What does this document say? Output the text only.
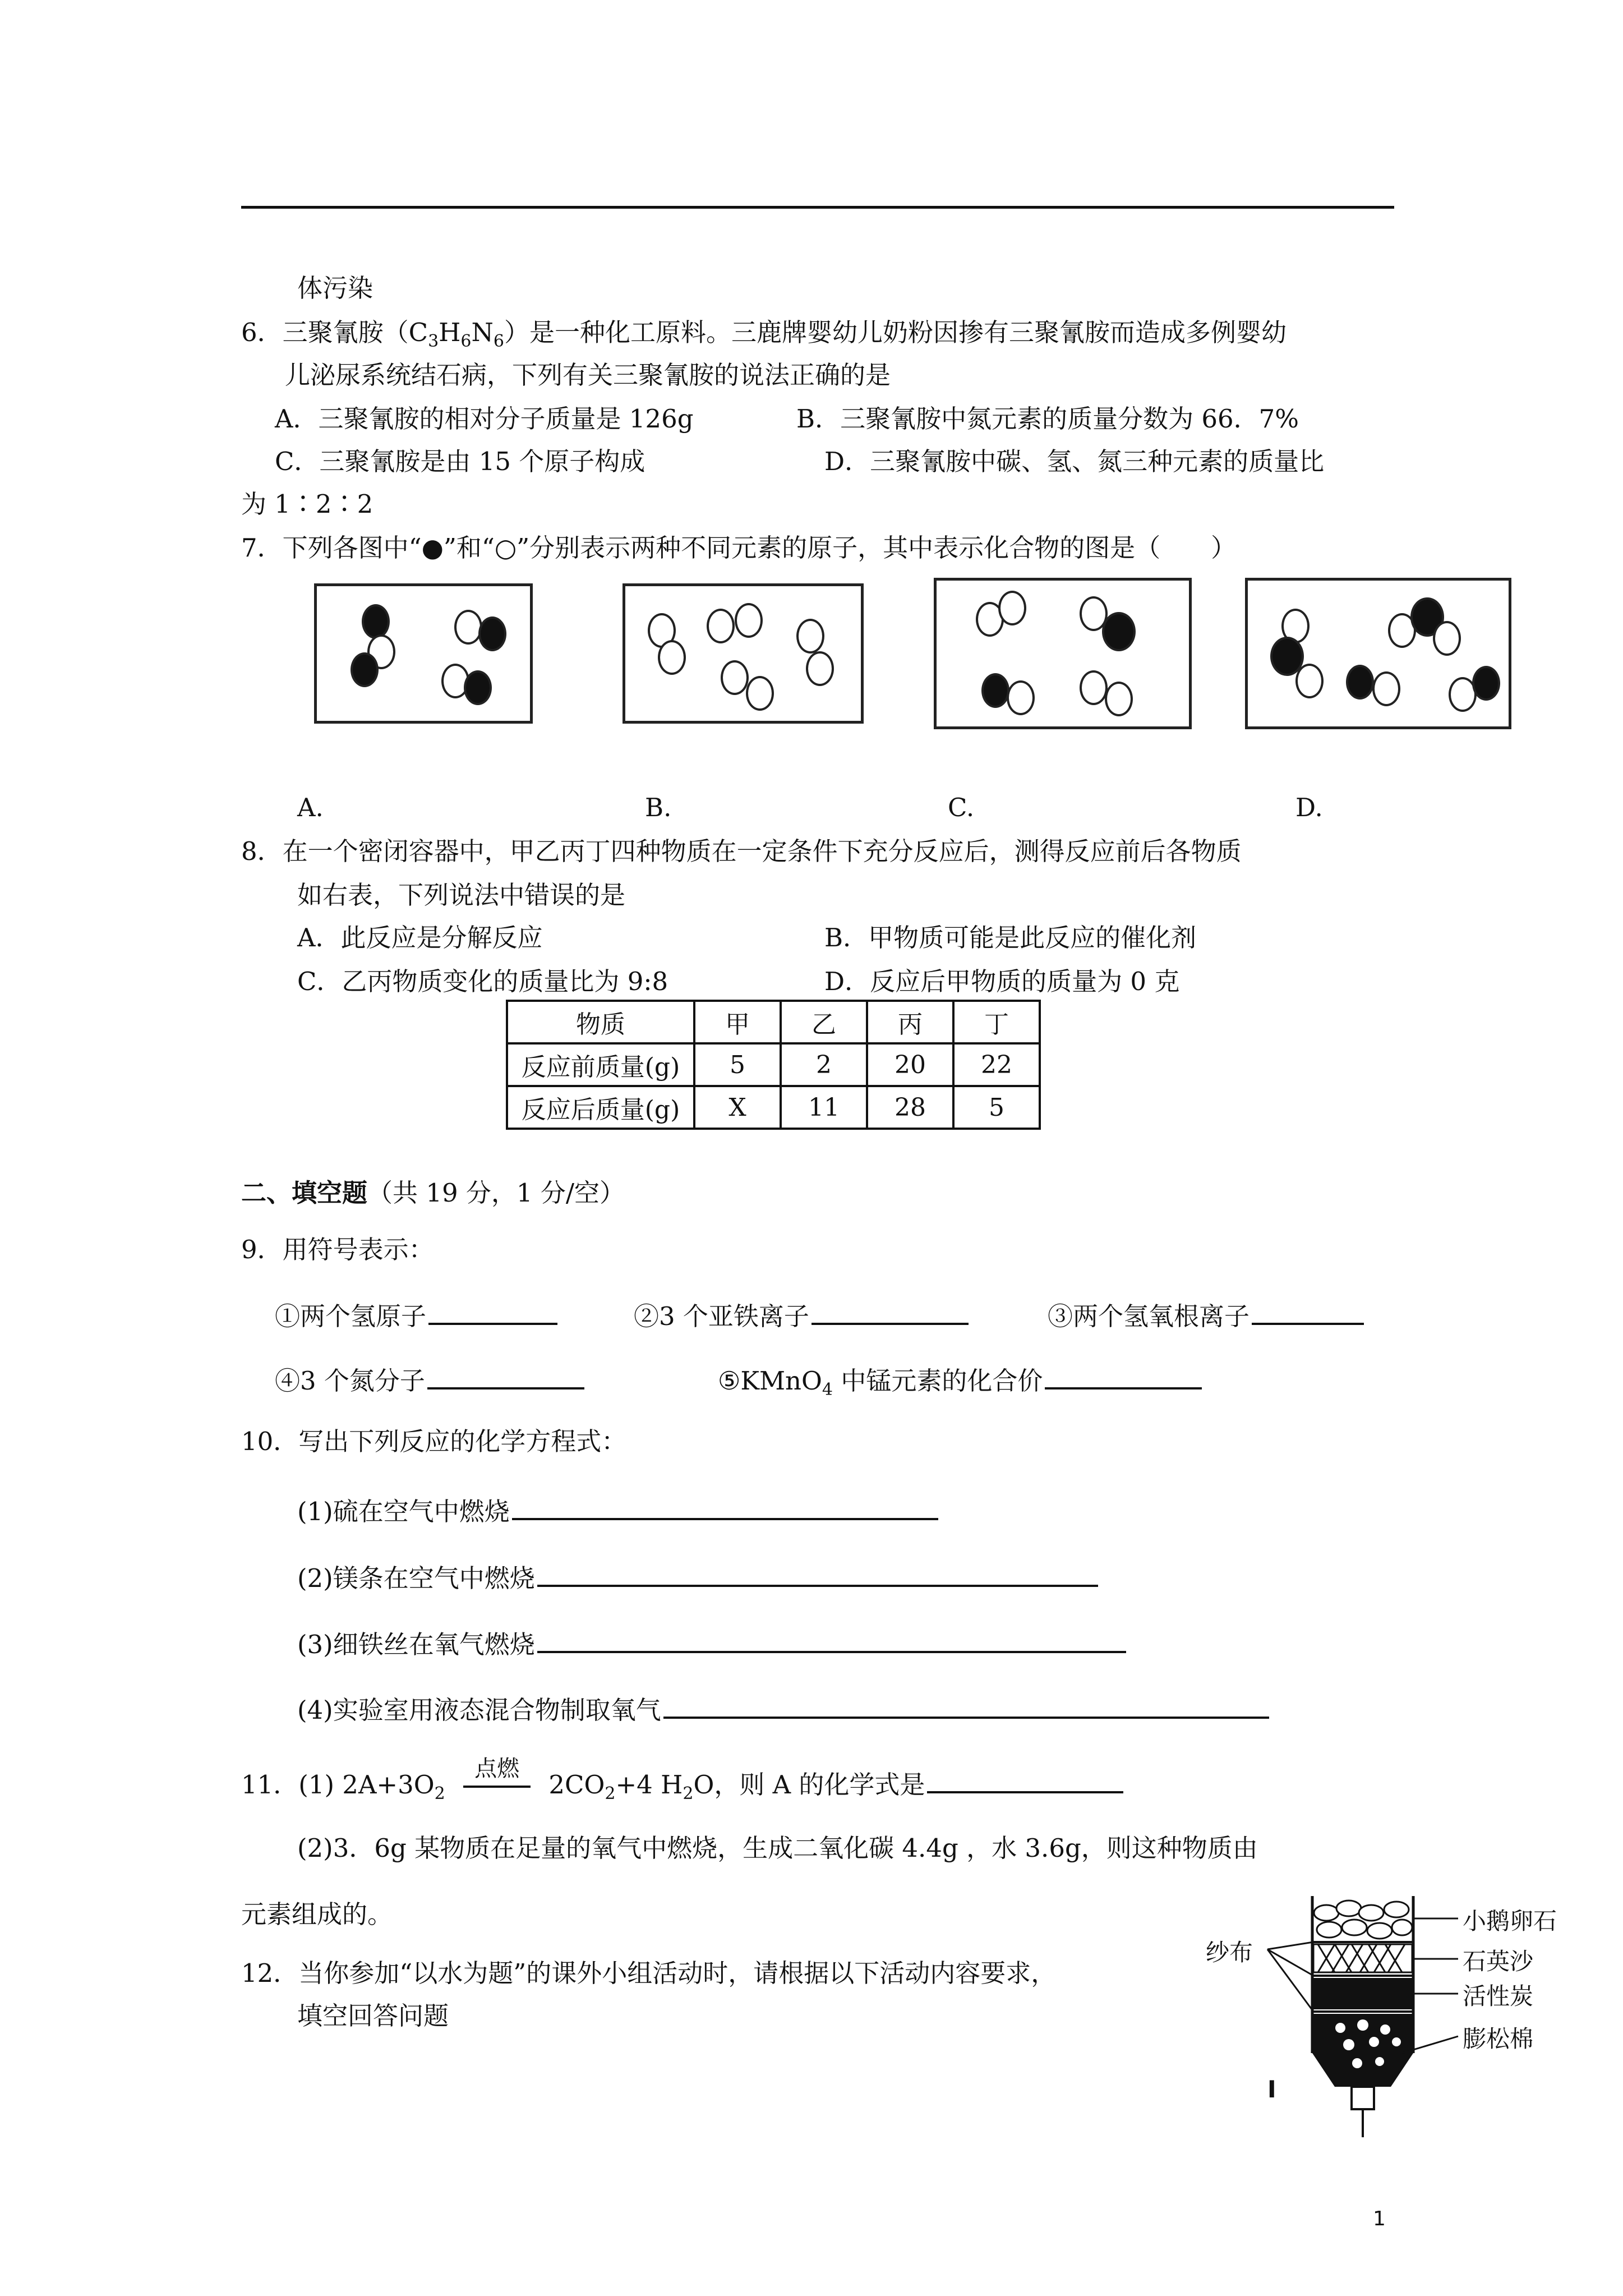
体污染
6．三聚氰胺$(C_3H_6N_6)$是一种化工原料。三鹿牌婴幼儿奶粉因掺有三聚氰胺而造成多例婴幼
儿泌尿系统结石病，下列有关三聚氰胺的说法正确的是
A．三聚氰胺的相对分子质量是 126g	B．三聚氰胺中氮元素的质量分数为 66．7%
C．三聚氰胺是由 15 个原子构成	D．三聚氰胺中碳、氢、氮三种元素的质量比
为 1∶2∶2
7．下列各图中“●”和“○”分别表示两种不同元素的原子，其中表示化合物的图是（　　）
A.	B.	C.	D.
8．在一个密闭容器中，甲乙丙丁四种物质在一定条件下充分反应后，测得反应前后各物质
如右表，下列说法中错误的是
A．此反应是分解反应	B．甲物质可能是此反应的催化剂
C．乙丙物质变化的质量比为 9:8	D．反应后甲物质的质量为 0 克
物质	甲	乙	丙	丁
反应前质量(g)	5	2	20	22
反应后质量(g)	X	11	28	5
二、填空题（共 19 分，1 分/空）
9．用符号表示：
①两个氢原子	②3 个亚铁离子	③两个氢氧根离子
④3 个氮分子	⑤KMnO$_4$ 中锰元素的化合价
10．写出下列反应的化学方程式：
(1)硫在空气中燃烧
(2)镁条在空气中燃烧
(3)细铁丝在氧气燃烧
(4)实验室用液态混合物制取氧气
11．(1) $2A+3O_2$
点燃
$2CO_2+4$ $H_2O$，则 A 的化学式是
(2)3．6g 某物质在足量的氧气中燃烧，生成二氧化碳 4.4g ，水 3.6g，则这种物质由
元素组成的。
12．当你参加“以水为题”的课外小组活动时，请根据以下活动内容要求，
填空回答问题
小鹅卵石
石英沙
活性炭
膨松棉
纱布
I
1
